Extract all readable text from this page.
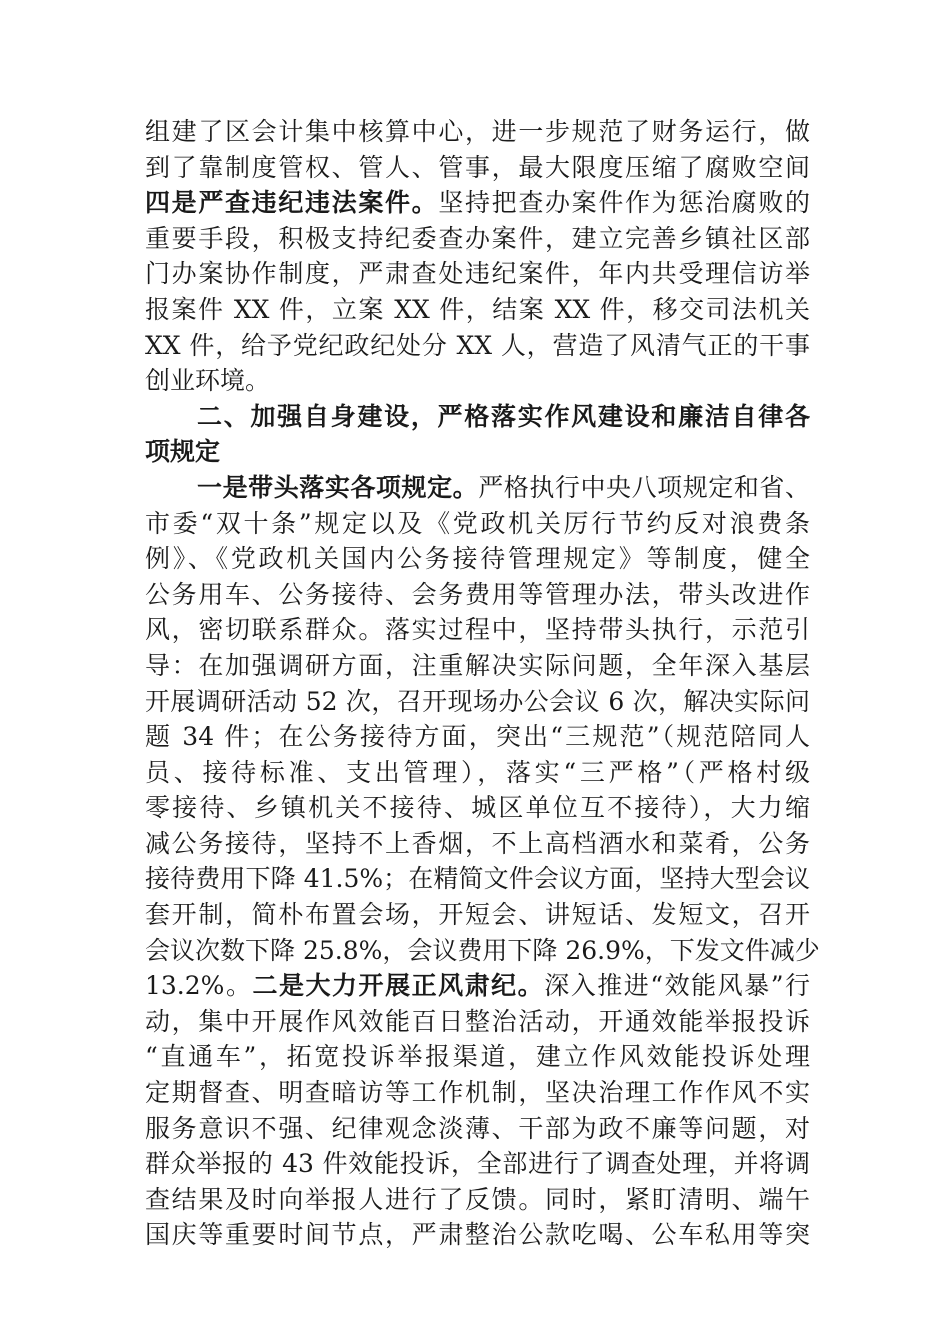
组建了区会计集中核算中心，进一步规范了财务运行，做
到了靠制度管权、管人、管事，最大限度压缩了腐败空间
四是严查违纪违法案件。坚持把查办案件作为惩治腐败的
重要手段，积极支持纪委查办案件，建立完善乡镇社区部
门办案协作制度，严肃查处违纪案件，年内共受理信访举
报案件 XX 件，立案 XX 件，结案 XX 件，移交司法机关
XX 件，给予党纪政纪处分 XX 人，营造了风清气正的干事
创业环境。
二、加强自身建设，严格落实作风建设和廉洁自律各
项规定
一是带头落实各项规定。严格执行中央八项规定和省、
市委“双十条”规定以及《党政机关厉行节约反对浪费条
例》、《党政机关国内公务接待管理规定》等制度，健全
公务用车、公务接待、会务费用等管理办法，带头改进作
风，密切联系群众。落实过程中，坚持带头执行，示范引
导：在加强调研方面，注重解决实际问题，全年深入基层
开展调研活动 52 次，召开现场办公会议 6 次，解决实际问
题 34 件；在公务接待方面，突出“三规范”（规范陪同人
员、接待标准、支出管理），落实“三严格”（严格村级
零接待、乡镇机关不接待、城区单位互不接待），大力缩
减公务接待，坚持不上香烟，不上高档酒水和菜肴，公务
接待费用下降 41.5%；在精简文件会议方面，坚持大型会议
套开制，简朴布置会场，开短会、讲短话、发短文，召开
会议次数下降 25.8%，会议费用下降 26.9%，下发文件减少
13.2%。二是大力开展正风肃纪。深入推进“效能风暴”行
动，集中开展作风效能百日整治活动，开通效能举报投诉
“直通车”，拓宽投诉举报渠道，建立作风效能投诉处理
定期督查、明查暗访等工作机制，坚决治理工作作风不实
服务意识不强、纪律观念淡薄、干部为政不廉等问题，对
群众举报的 43 件效能投诉，全部进行了调查处理，并将调
查结果及时向举报人进行了反馈。同时，紧盯清明、端午
国庆等重要时间节点，严肃整治公款吃喝、公车私用等突
